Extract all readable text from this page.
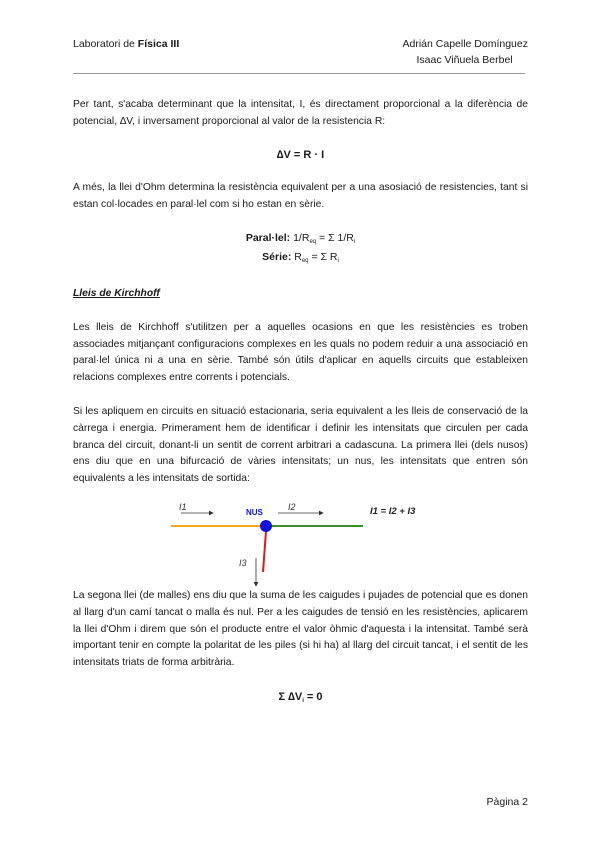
Laboratori de Física III	Adrián Capelle Domínguez
Isaac Viñuela Berbel

Per tant, s'acaba determinant que la intensitat, I, és directament proporcional a la diferència de potencial, ∆V, i inversament proporcional al valor de la resistencia R:

∆V = R · I

A més, la llei d'Ohm determina la resistència equivalent per a una asosiació de resistencies, tant si estan col·locades en paral·lel com si ho estan en sèrie.

Paral·lel: $1/R_{eq} = \Sigma$ $1/R_i$
Série: $R_{eq} = \Sigma$ $R_i$
Lleis de Kirchhoff

Les lleis de Kirchhoff s'utilitzen per a aquelles ocasions en que les resistències es troben associades mitjançant configuracions complexes en les quals no podem reduir a una associació en paral·lel única ni a una en sèrie. També són útils d'aplicar en aquells circuits que estableixen relacions complexes entre corrents i potencials.

Si les apliquem en circuits en situació estacionaria, seria equivalent a les lleis de conservació de la càrrega i energia. Primerament hem de identificar i definir les intensitats que circulen per cada branca del circuit, donant-li un sentit de corrent arbitrari a cadascuna. La primera llei (dels nusos) ens diu que en una bifurcació de vàries intensitats; un nus, les intensitats que entren són equivalents a les intensitats de sortida:

I1	I2
I3
NUS	I1 = I2 + I3

La segona llei (de malles) ens diu que la suma de les caigudes i pujades de potencial que es donen al llarg d'un camí tancat o malla és nul. Per a les caigudes de tensió en les resistències, aplicarem la llei d'Ohm i direm que són el producte entre el valor òhmic d'aquesta i la intensitat. També serà important tenir en compte la polaritat de les piles (si hi ha) al llarg del circuit tancat, i el sentit de les intensitats triats de forma arbitrària.

Σ $\Delta V_i = 0$
Pàgina 2
